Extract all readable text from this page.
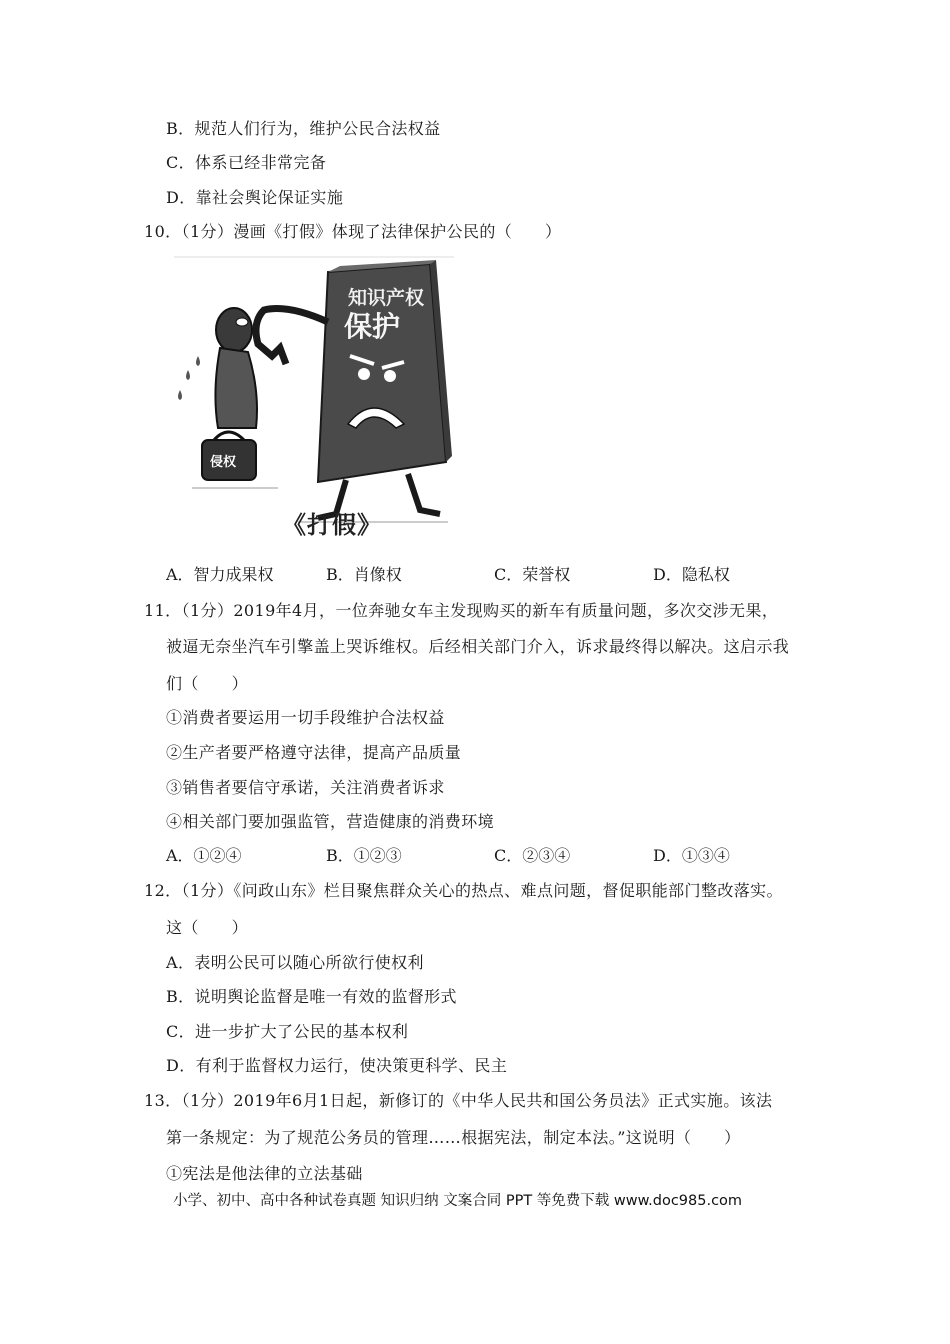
B．规范人们行为，维护公民合法权益
C．体系已经非常完备
D．靠社会舆论保证实施
10．（1分）漫画《打假》体现了法律保护公民的（　　）
知识产权
保护
侵权
《打假》
A．智力成果权	B．肖像权	C．荣誉权	D．隐私权
11．（1分）2019年4月，一位奔驰女车主发现购买的新车有质量问题，多次交涉无果，
被逼无奈坐汽车引擎盖上哭诉维权。后经相关部门介入，诉求最终得以解决。这启示我
们（　　）
①消费者要运用一切手段维护合法权益
②生产者要严格遵守法律，提高产品质量
③销售者要信守承诺，关注消费者诉求
④相关部门要加强监管，营造健康的消费环境
A．①②④	B．①②③	C．②③④	D．①③④
12．（1分）《问政山东》栏目聚焦群众关心的热点、难点问题，督促职能部门整改落实。
这（　　）
A．表明公民可以随心所欲行使权利
B．说明舆论监督是唯一有效的监督形式
C．进一步扩大了公民的基本权利
D．有利于监督权力运行，使决策更科学、民主
13．（1分）2019年6月1日起，新修订的《中华人民共和国公务员法》正式实施。该法
第一条规定：为了规范公务员的管理……根据宪法，制定本法。”这说明（　　）
①宪法是他法律的立法基础
小学、初中、高中各种试卷真题 知识归纳 文案合同 PPT 等免费下载 www.doc985.com
